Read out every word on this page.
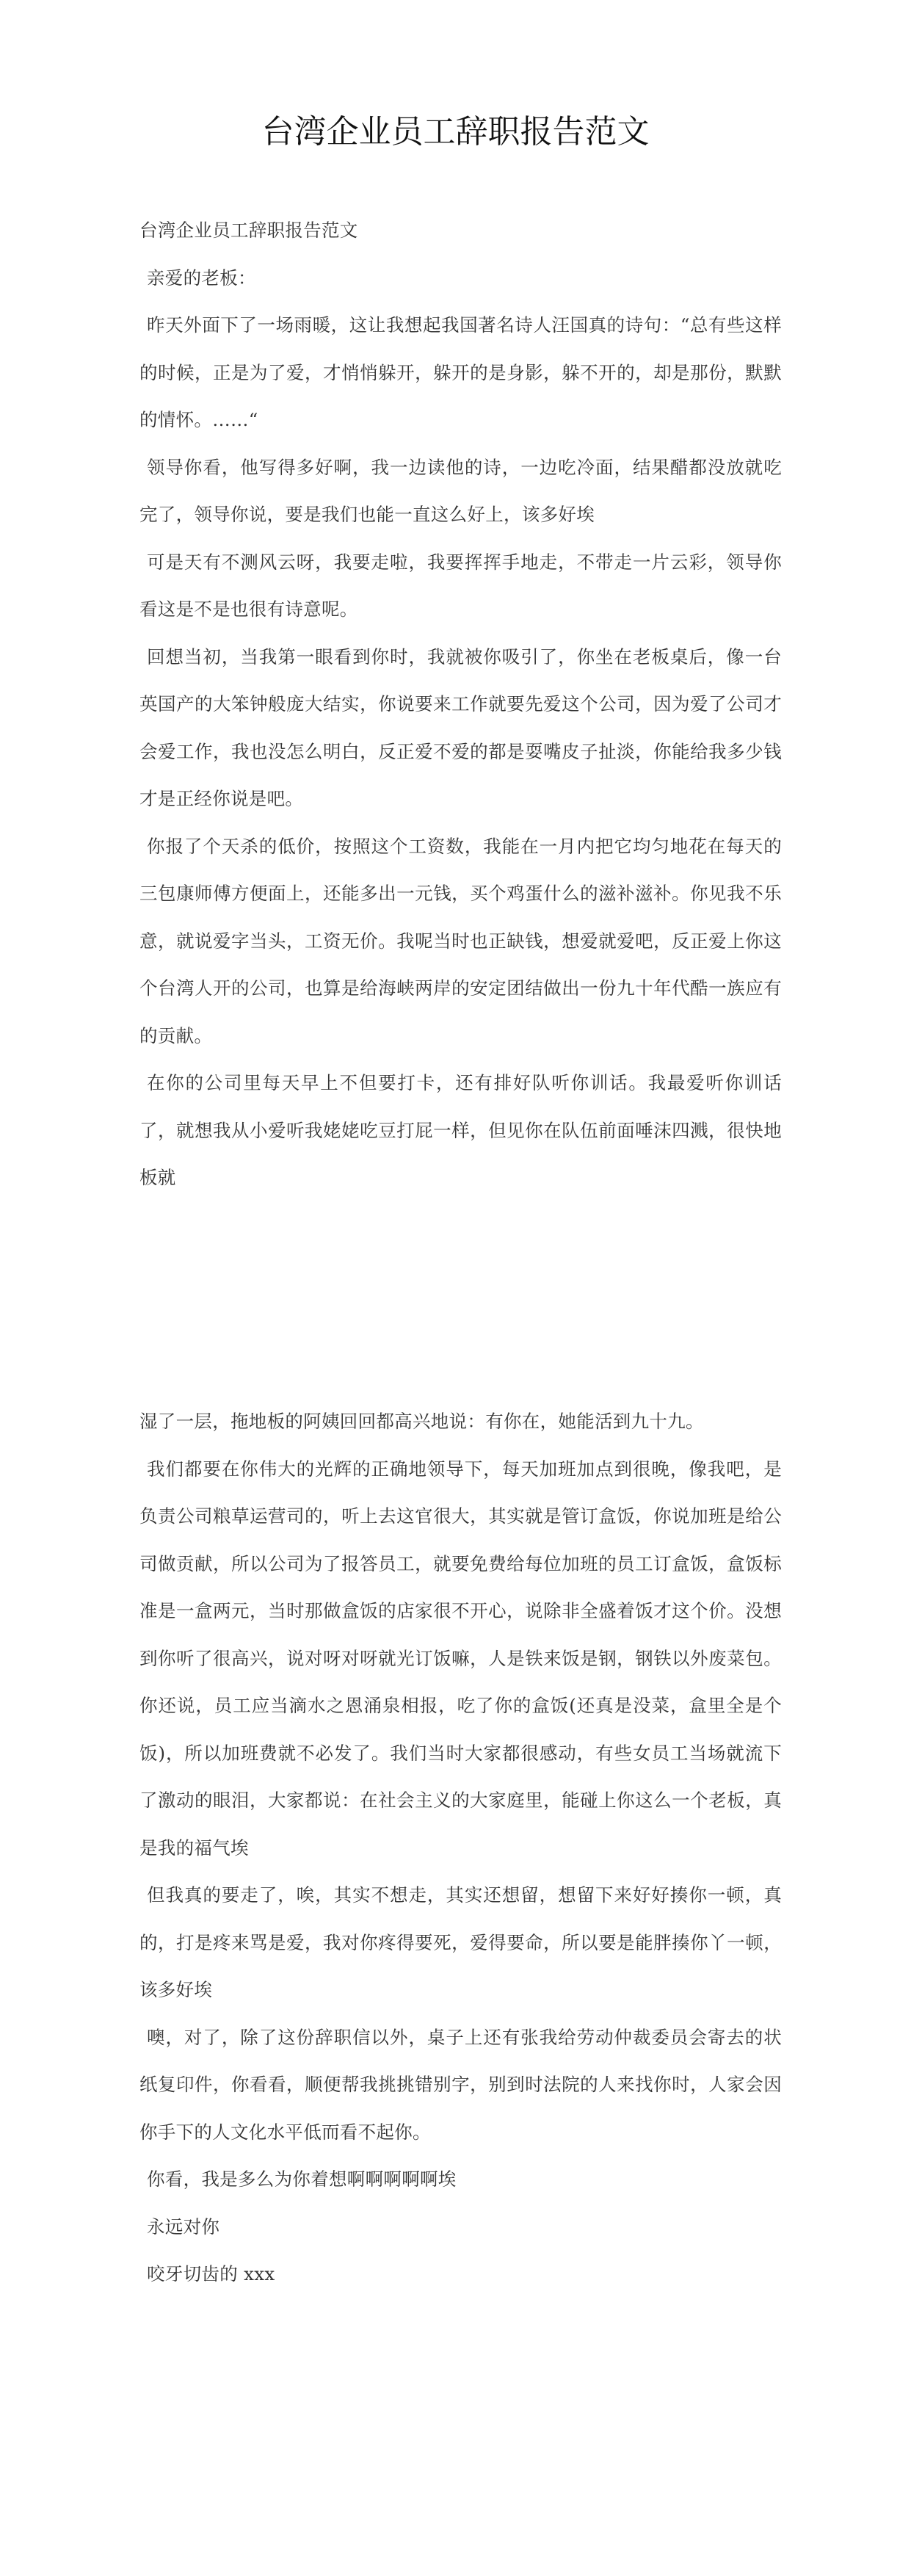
台湾企业员工辞职报告范文

台湾企业员工辞职报告范文

亲爱的老板：

昨天外面下了一场雨暖，这让我想起我国著名诗人汪国真的诗句：“总有些这样的时候，正是为了爱，才悄悄躲开，躲开的是身影，躲不开的，却是那份，默默的情怀。……“

领导你看，他写得多好啊，我一边读他的诗，一边吃冷面，结果醋都没放就吃完了，领导你说，要是我们也能一直这么好上，该多好埃

可是天有不测风云呀，我要走啦，我要挥挥手地走，不带走一片云彩，领导你看这是不是也很有诗意呢。

回想当初，当我第一眼看到你时，我就被你吸引了，你坐在老板桌后，像一台英国产的大笨钟般庞大结实，你说要来工作就要先爱这个公司，因为爱了公司才会爱工作，我也没怎么明白，反正爱不爱的都是耍嘴皮子扯淡，你能给我多少钱才是正经你说是吧。

你报了个天杀的低价，按照这个工资数，我能在一月内把它均匀地花在每天的三包康师傅方便面上，还能多出一元钱，买个鸡蛋什么的滋补滋补。你见我不乐意，就说爱字当头，工资无价。我呢当时也正缺钱，想爱就爱吧，反正爱上你这个台湾人开的公司，也算是给海峡两岸的安定团结做出一份九十年代酷一族应有的贡献。

在你的公司里每天早上不但要打卡，还有排好队听你训话。我最爱听你训话了，就想我从小爱听我姥姥吃豆打屁一样，但见你在队伍前面唾沫四溅，很快地板就

湿了一层，拖地板的阿姨回回都高兴地说：有你在，她能活到九十九。

我们都要在你伟大的光辉的正确地领导下，每天加班加点到很晚，像我吧，是负责公司粮草运营司的，听上去这官很大，其实就是管订盒饭，你说加班是给公司做贡献，所以公司为了报答员工，就要免费给每位加班的员工订盒饭，盒饭标准是一盒两元，当时那做盒饭的店家很不开心，说除非全盛着饭才这个价。没想到你听了很高兴，说对呀对呀就光订饭嘛，人是铁来饭是钢，钢铁以外废菜包。你还说，员工应当滴水之恩涌泉相报，吃了你的盒饭(还真是没菜，盒里全是个饭)，所以加班费就不必发了。我们当时大家都很感动，有些女员工当场就流下了激动的眼泪，大家都说：在社会主义的大家庭里，能碰上你这么一个老板，真是我的福气埃

但我真的要走了，唉，其实不想走，其实还想留，想留下来好好揍你一顿，真的，打是疼来骂是爱，我对你疼得要死，爱得要命，所以要是能胖揍你丫一顿，该多好埃

噢，对了，除了这份辞职信以外，桌子上还有张我给劳动仲裁委员会寄去的状纸复印件，你看看，顺便帮我挑挑错别字，别到时法院的人来找你时，人家会因你手下的人文化水平低而看不起你。

你看，我是多么为你着想啊啊啊啊啊埃

永远对你

咬牙切齿的 xxx
